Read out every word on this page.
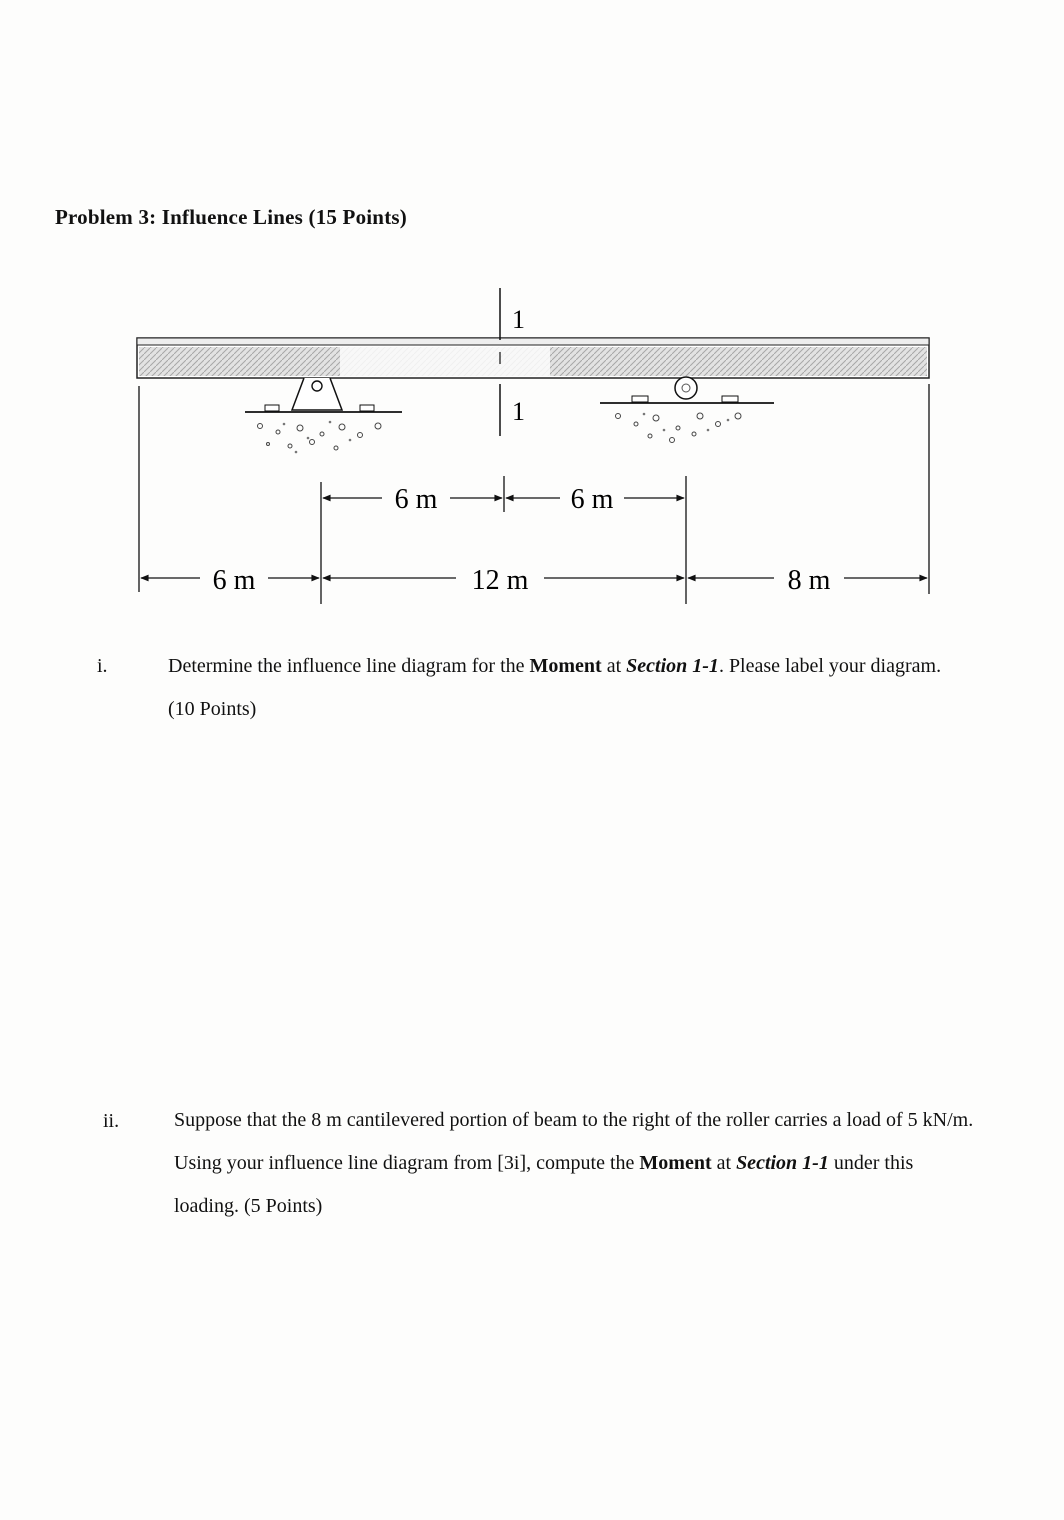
Problem 3: Influence Lines (15 Points)
1
1
6 m	6 m
6 m	12 m	8 m
i.	Determine the influence line diagram for the Moment at Section 1-1. Please label your diagram. (10 Points)
ii.	Suppose that the 8 m cantilevered portion of beam to the right of the roller carries a load of 5 kN/m. Using your influence line diagram from [3i], compute the Moment at Section 1-1 under this loading. (5 Points)
